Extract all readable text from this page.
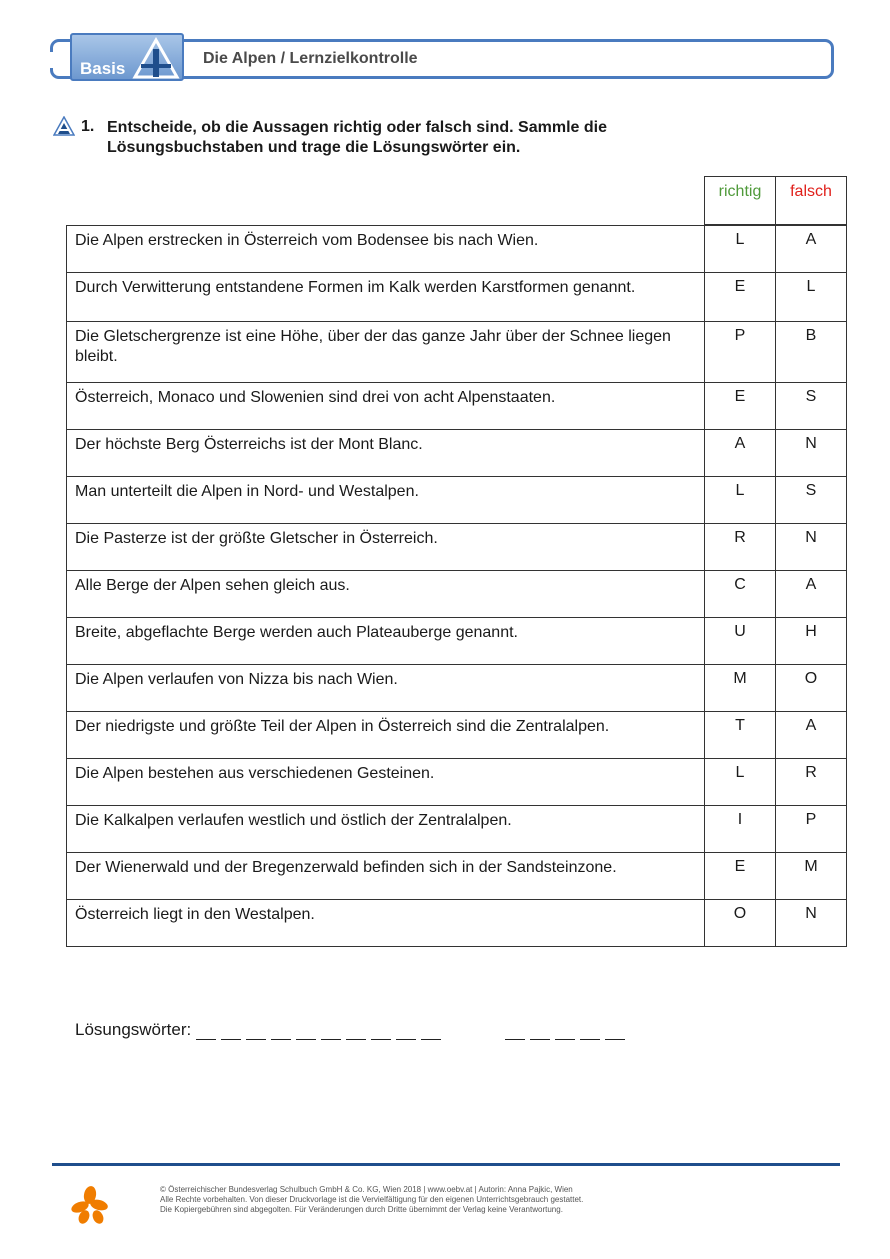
Basis
Die Alpen / Lernzielkontrolle
1. Entscheide, ob die Aussagen richtig oder falsch sind. Sammle die Lösungsbuchstaben und trage die Lösungswörter ein.
richtig	falsch
Die Alpen erstrecken in Österreich vom Bodensee bis nach Wien.	L	A
Durch Verwitterung entstandene Formen im Kalk werden Karstformen genannt.	E	L
Die Gletschergrenze ist eine Höhe, über der das ganze Jahr über der Schnee liegen bleibt.	P	B
Österreich, Monaco und Slowenien sind drei von acht Alpenstaaten.	E	S
Der höchste Berg Österreichs ist der Mont Blanc.	A	N
Man unterteilt die Alpen in Nord- und Westalpen.	L	S
Die Pasterze ist der größte Gletscher in Österreich.	R	N
Alle Berge der Alpen sehen gleich aus.	C	A
Breite, abgeflachte Berge werden auch Plateauberge genannt.	U	H
Die Alpen verlaufen von Nizza bis nach Wien.	M	O
Der niedrigste und größte Teil der Alpen in Österreich sind die Zentralalpen.	T	A
Die Alpen bestehen aus verschiedenen Gesteinen.	L	R
Die Kalkalpen verlaufen westlich und östlich der Zentralalpen.	I	P
Der Wienerwald und der Bregenzerwald befinden sich in der Sandsteinzone.	E	M
Österreich liegt in den Westalpen.	O	N
Lösungswörter:
© Österreichischer Bundesverlag Schulbuch GmbH & Co. KG, Wien 2018 | www.oebv.at | Autorin: Anna Pajkic, Wien
Alle Rechte vorbehalten. Von dieser Druckvorlage ist die Vervielfältigung für den eigenen Unterrichtsgebrauch gestattet.
Die Kopiergebühren sind abgegolten. Für Veränderungen durch Dritte übernimmt der Verlag keine Verantwortung.
